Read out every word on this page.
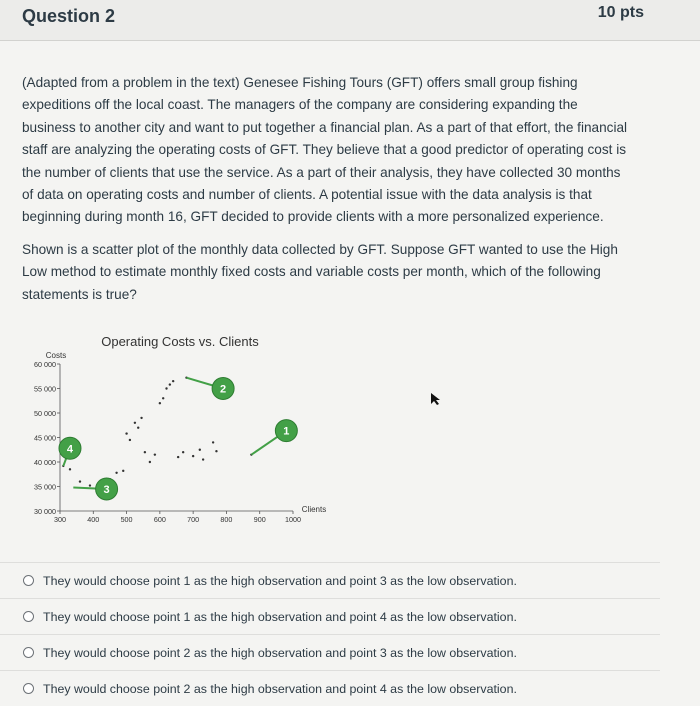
Question 2	10 pts

(Adapted from a problem in the text) Genesee Fishing Tours (GFT) offers small group fishing expeditions off the local coast. The managers of the company are considering expanding the business to another city and want to put together a financial plan. As a part of that effort, the financial staff are analyzing the operating costs of GFT. They believe that a good predictor of operating cost is the number of clients that use the service. As a part of their analysis, they have collected 30 months of data on operating costs and number of clients. A potential issue with the data analysis is that beginning during month 16, GFT decided to provide clients with a more personalized experience.

Shown is a scatter plot of the monthly data collected by GFT. Suppose GFT wanted to use the High Low method to estimate monthly fixed costs and variable costs per month, which of the following statements is true?

Operating Costs vs. Clients
Costs
Clients
30 000
35 000
40 000
45 000
50 000
55 000
60 000
300	400	500	600	700	800	900	1000
1
2
3
4
They would choose point 1 as the high observation and point 3 as the low observation.
They would choose point 1 as the high observation and point 4 as the low observation.
They would choose point 2 as the high observation and point 3 as the low observation.
They would choose point 2 as the high observation and point 4 as the low observation.
